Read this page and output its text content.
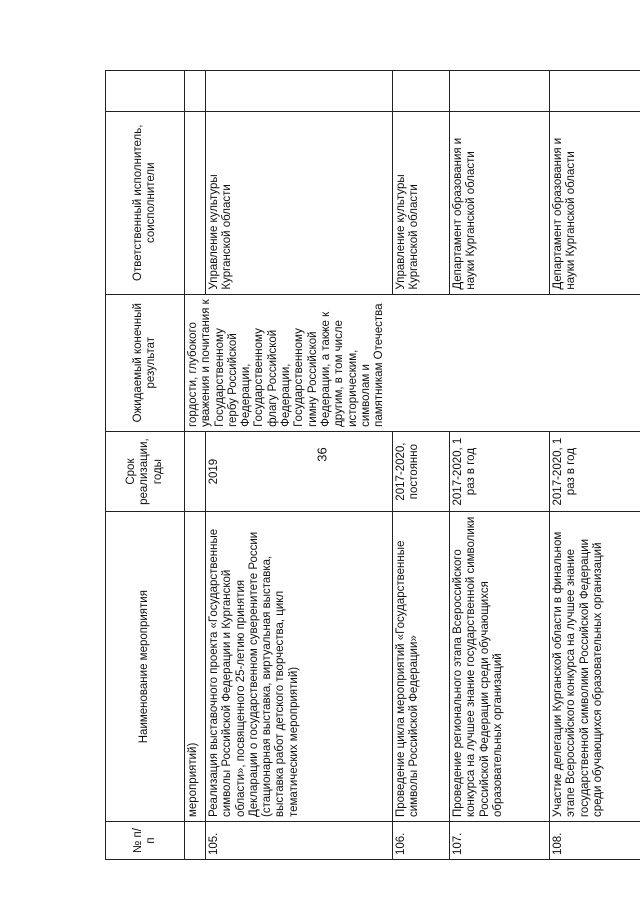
36
№ п/п	Наименование мероприятия	Срок реализации, годы	Ожидаемый конечный результат	Ответственный исполнитель, соисполнители	
	мероприятий)		гордости, глубокого уважения и почитания к Государственному гербу Российской Федерации, Государственному флагу Российской Федерации, Государственному гимну Российской Федерации, а также к другим, в том числе историческим, символам и памятникам Отечества		
105.	Реализация выставочного проекта «Государственные символы Российской Федерации и Курганской области», посвященного 25-летию принятия Декларации о государственном суверенитете России (стационарная выставка, виртуальная выставка, выставка работ детского творчества, цикл тематических мероприятий)	2019		Управление культуры Курганской области	
106.	Проведение цикла мероприятий «Государственные символы Российской Федерации»	2017-2020, постоянно		Управление культуры Курганской области	
107.	Проведение регионального этапа Всероссийского конкурса на лучшее знание государственной символики Российской Федерации среди обучающихся образовательных организаций	2017-2020, 1 раз в год		Департамент образования и науки Курганской области	
108.	Участие делегации Курганской области в финальном этапе Всероссийского конкурса на лучшее знание государственной символики Российской Федерации среди обучающихся образовательных организаций	2017-2020, 1 раз в год		Департамент образования и науки Курганской области	
